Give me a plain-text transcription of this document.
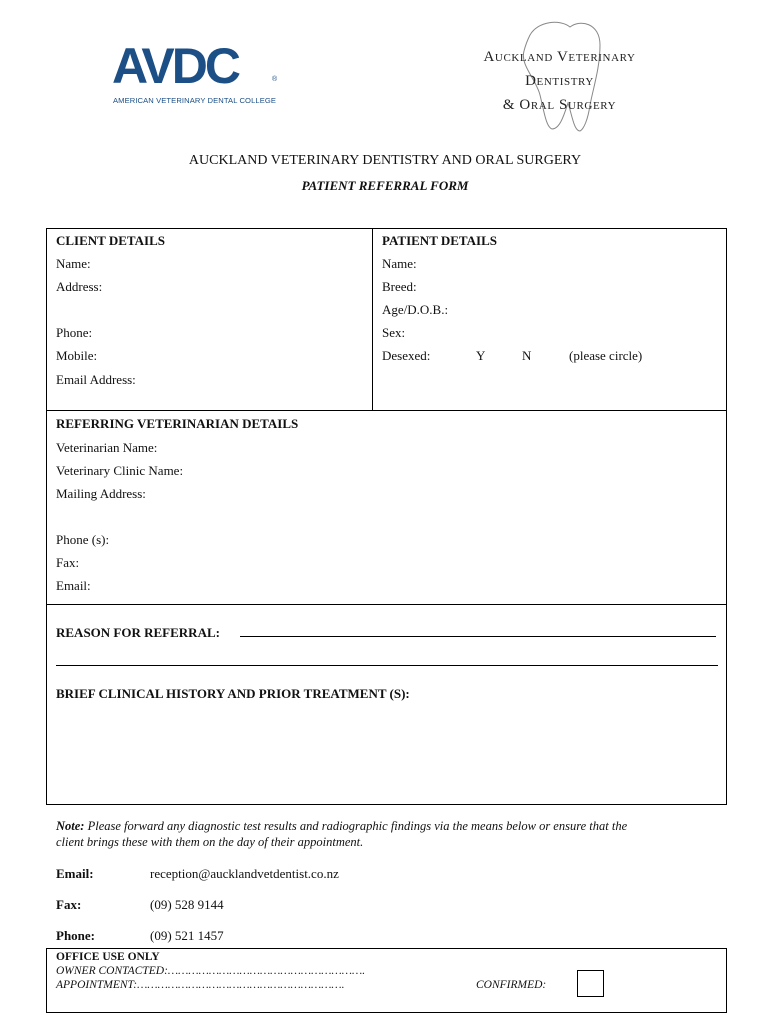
AVDC	®
AMERICAN VETERINARY DENTAL COLLEGE
Auckland Veterinary
Dentistry
& Oral Surgery
AUCKLAND VETERINARY DENTISTRY AND ORAL SURGERY
PATIENT REFERRAL FORM
CLIENT DETAILS
Name:
Address:
Phone:
Mobile:
Email Address:
PATIENT DETAILS
Name:
Breed:
Age/D.O.B.:
Sex:
Desexed:	Y	N	(please circle)
REFERRING VETERINARIAN DETAILS
Veterinarian Name:
Veterinary Clinic Name:
Mailing Address:
Phone (s):
Fax:
Email:
REASON FOR REFERRAL:
BRIEF CLINICAL HISTORY AND PRIOR TREATMENT (S):
Note: Please forward any diagnostic test results and radiographic findings via the means below or ensure that the
client brings these with them on the day of their appointment.
Email:	reception@aucklandvetdentist.co.nz
Fax:	(09) 528 9144
Phone:	(09) 521 1457
OFFICE USE ONLY
OWNER CONTACTED:………………………………………………….
APPOINTMENT:…………………………………………………….	CONFIRMED:
